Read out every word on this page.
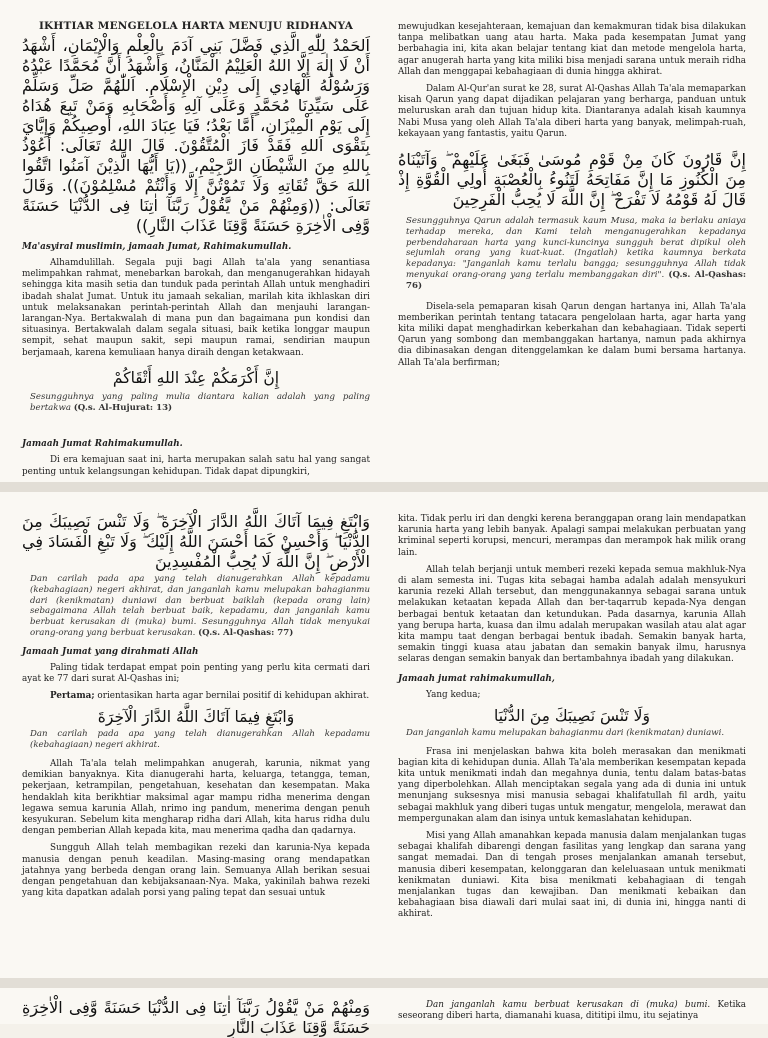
IKHTIAR MENGELOLA HARTA MENUJU RIDHANYA

اَلحَمْدُ لِلّٰهِ الَّذِي فَضَّلَ بَنِي آدَمَ بِالْعِلْمِ وَالْإِيْمَانِ، أَشْهَدُ أَنْ لَا إِلٰهَ إِلَّا اللهُ الْعَلِيْمُ الْمَنَّانُ، وَأَشْهَدُ أَنَّ مُحَمَّدًا عَبْدُهُ وَرَسُوْلُهُ الْهَادِي إِلَى دِيْنِ الْإِسْلَامِ. اَللّٰهُمَّ صَلِّ وَسَلِّمْ عَلَى سَيِّدِنَا مُحَمَّدٍ وَعَلَى آلِهِ وَأَصْحَابِهِ وَمَنْ تَبِعَ هُدَاهُ إِلَى يَوْمِ الْمِيْزَانِ، أَمَّا بَعْدُ؛ فَيَا عِبَادَ اللهِ، أُوصِيكُمْ وَإِيَّايَ بِتَقْوَى اللهِ فَقَدْ فَازَ الْمُتَّقُوْنَ. قَالَ اللهُ تَعَالَى: أَعُوْذُ بِاللهِ مِنَ الشَّيْطَانِ الرَّجِيْمِ، ((يَا أَيُّهَا الَّذِيْنَ آمَنُوا اتَّقُوا اللهَ حَقَّ تُقَاتِهِ وَلَا تَمُوْتُنَّ إِلَّا وَأَنْتُمْ مُسْلِمُوْنَ)). وَقَالَ تَعَالَى: ((وَمِنْهُمْ مَنْ يَّقُوْلُ رَبَّنَآ اٰتِنَا فِى الدُّنْيَا حَسَنَةً وَّفِى الْاٰخِرَةِ حَسَنَةً وَّقِنَا عَذَابَ النَّارِ))

Ma'asyiral muslimin, jamaah Jumat, Rahimakumullah.

Alhamdulillah. Segala puji bagi Allah ta'ala yang senantiasa melimpahkan rahmat, menebarkan barokah, dan menganugerahkan hidayah sehingga kita masih setia dan tunduk pada perintah Allah untuk menghadiri ibadah shalat Jumat. Untuk itu jamaah sekalian, marilah kita ikhlaskan diri untuk melaksanakan perintah-perintah Allah dan menjauhi larangan-larangan-Nya. Bertakwalah di mana pun dan bagaimana pun kondisi dan situasinya. Bertakwalah dalam segala situasi, baik ketika longgar maupun sempit, sehat maupun sakit, sepi maupun ramai, sendirian maupun berjamaah, karena kemuliaan hanya diraih dengan ketakwaan.

إِنَّ أَكْرَمَكُمْ عِنْدَ اللهِ أَتْقَاكُمْ

Sesungguhnya yang paling mulia diantara kalian adalah yang paling bertakwa (Q.s. Al-Hujurat: 13)

Jamaah Jumat Rahimakumullah.

Di era kemajuan saat ini, harta merupakan salah satu hal yang sangat penting untuk kelangsungan kehidupan. Tidak dapat dipungkiri,

mewujudkan kesejahteraan, kemajuan dan kemakmuran tidak bisa dilakukan tanpa melibatkan uang atau harta. Maka pada kesempatan Jumat yang berbahagia ini, kita akan belajar tentang kiat dan metode mengelola harta, agar anugerah harta yang kita miliki bisa menjadi sarana untuk meraih ridha Allah dan menggapai kebahagiaan di dunia hingga akhirat.

Dalam Al-Qur'an surat ke 28, surat Al-Qashas Allah Ta'ala memaparkan kisah Qarun yang dapat dijadikan pelajaran yang berharga, panduan untuk meluruskan arah dan tujuan hidup kita. Diantaranya adalah kisah kaumnya Nabi Musa yang oleh Allah Ta'ala diberi harta yang banyak, melimpah-ruah, kekayaan yang fantastis, yaitu Qarun.

إِنَّ قَارُونَ كَانَ مِنْ قَوْمِ مُوسَىٰ فَبَغَىٰ عَلَيْهِمْ ۖ وَآتَيْنَاهُ مِنَ الْكُنُوزِ مَا إِنَّ مَفَاتِحَهُ لَتَنُوءُ بِالْعُصْبَةِ أُولِي الْقُوَّةِ إِذْ قَالَ لَهُ قَوْمُهُ لَا تَفْرَحْ ۖ إِنَّ اللَّهَ لَا يُحِبُّ الْفَرِحِينَ

Sesungguhnya Qarun adalah termasuk kaum Musa, maka ia berlaku aniaya terhadap mereka, dan Kami telah menganugerahkan kepadanya perbendaharaan harta yang kunci-kuncinya sungguh berat dipikul oleh sejumlah orang yang kuat-kuat. (Ingatlah) ketika kaumnya berkata kepadanya: "Janganlah kamu terlalu bangga; sesungguhnya Allah tidak menyukai orang-orang yang terlalu membanggakan diri". (Q.s. Al-Qashas: 76)

Disela-sela pemaparan kisah Qarun dengan hartanya ini, Allah Ta'ala memberikan perintah tentang tatacara pengelolaan harta, agar harta yang kita miliki dapat menghadirkan keberkahan dan kebahagiaan. Tidak seperti Qarun yang sombong dan membanggakan hartanya, namun pada akhirnya dia dibinasakan dengan ditenggelamkan ke dalam bumi bersama hartanya. Allah Ta'ala berfirman;

وَابْتَغِ فِيمَا آتَاكَ اللَّهُ الدَّارَ الْآخِرَةَ ۖ وَلَا تَنْسَ نَصِيبَكَ مِنَ الدُّنْيَا ۖ وَأَحْسِنْ كَمَا أَحْسَنَ اللَّهُ إِلَيْكَ ۖ وَلَا تَبْغِ الْفَسَادَ فِي الْأَرْضِ ۖ إِنَّ اللَّهَ لَا يُحِبُّ الْمُفْسِدِينَ

Dan carilah pada apa yang telah dianugerahkan Allah kepadamu (kebahagiaan) negeri akhirat, dan janganlah kamu melupakan bahagianmu dari (kenikmatan) duniawi dan berbuat baiklah (kepada orang lain) sebagaimana Allah telah berbuat baik, kepadamu, dan janganlah kamu berbuat kerusakan di (muka) bumi. Sesungguhnya Allah tidak menyukai orang-orang yang berbuat kerusakan. (Q.s. Al-Qashas: 77)

Jamaah Jumat yang dirahmati Allah

Paling tidak terdapat empat poin penting yang perlu kita cermati dari ayat ke 77 dari surat Al-Qashas ini;

Pertama; orientasikan harta agar bernilai positif di kehidupan akhirat.

وَابْتَغِ فِيمَا آتَاكَ اللَّهُ الدَّارَ الْآخِرَةَ

Dan carilah pada apa yang telah dianugerahkan Allah kepadamu (kebahagiaan) negeri akhirat.

Allah Ta'ala telah melimpahkan anugerah, karunia, nikmat yang demikian banyaknya. Kita dianugerahi harta, keluarga, tetangga, teman, pekerjaan, ketrampilan, pengetahuan, kesehatan dan kesempatan. Maka hendaklah kita berikhtiar maksimal agar mampu ridha menerima dengan legawa semua karunia Allah, nrimo ing pandum, menerima dengan penuh kesyukuran. Sebelum kita mengharap ridha dari Allah, kita harus ridha dulu dengan pemberian Allah kepada kita, mau menerima qadha dan qadarnya.

Sungguh Allah telah membagikan rezeki dan karunia-Nya kepada manusia dengan penuh keadilan. Masing-masing orang mendapatkan jatahnya yang berbeda dengan orang lain. Semuanya Allah berikan sesuai dengan pengetahuan dan kebijaksanaan-Nya. Maka, yakinilah bahwa rezeki yang kita dapatkan adalah porsi yang paling tepat dan sesuai untuk

kita. Tidak perlu iri dan dengki kerena beranggapan orang lain mendapatkan karunia harta yang lebih banyak. Apalagi sampai melakukan perbuatan yang kriminal seperti korupsi, mencuri, merampas dan merampok hak milik orang lain.

Allah telah berjanji untuk memberi rezeki kepada semua makhluk-Nya di alam semesta ini. Tugas kita sebagai hamba adalah adalah mensyukuri karunia rezeki Allah tersebut, dan menggunakannya sebagai sarana untuk melakukan ketaatan kepada Allah dan ber-taqarrub kepada-Nya dengan berbagai bentuk ketaatan dan ketundukan. Pada dasarnya, karunia Allah yang berupa harta, kuasa dan ilmu adalah merupakan wasilah atau alat agar kita mampu taat dengan berbagai bentuk ibadah. Semakin banyak harta, semakin tinggi kuasa atau jabatan dan semakin banyak ilmu, harusnya selaras dengan semakin banyak dan bertambahnya ibadah yang dilakukan.

Jamaah jumat rahimakumullah,

Yang kedua;

وَلَا تَنْسَ نَصِيبَكَ مِنَ الدُّنْيَا

Dan janganlah kamu melupakan bahagianmu dari (kenikmatan) duniawi.

Frasa ini menjelaskan bahwa kita boleh merasakan dan menikmati bagian kita di kehidupan dunia. Allah Ta'ala memberikan kesempatan kepada kita untuk menikmati indah dan megahnya dunia, tentu dalam batas-batas yang diperbolehkan. Allah menciptakan segala yang ada di dunia ini untuk menunjang suksesnya misi manusia sebagai khalifatullah fil ardh, yaitu sebagai makhluk yang diberi tugas untuk mengatur, mengelola, merawat dan mempergunakan alam dan isinya untuk kemaslahatan kehidupan.

Misi yang Allah amanahkan kepada manusia dalam menjalankan tugas sebagai khalifah dibarengi dengan fasilitas yang lengkap dan sarana yang sangat memadai. Dan di tengah proses menjalankan amanah tersebut, manusia diberi kesempatan, kelonggaran dan keleluasaan untuk menikmati kenikmatan duniawi. Kita bisa menikmati kebahagiaan di tengah menjalankan tugas dan kewajiban. Dan menikmati kebaikan dan kebahagiaan bisa diawali dari mulai saat ini, di dunia ini, hingga nanti di akhirat.

وَمِنْهُمْ مَنْ يَّقُوْلُ رَبَّنَآ اٰتِنَا فِى الدُّنْيَا حَسَنَةً وَّفِى الْاٰخِرَةِ حَسَنَةً وَّقِنَا عَذَابَ النَّارِ

Dan janganlah kamu berbuat kerusakan di (muka) bumi. Ketika seseorang diberi harta, diamanahi kuasa, dititipi ilmu, itu sejatinya
